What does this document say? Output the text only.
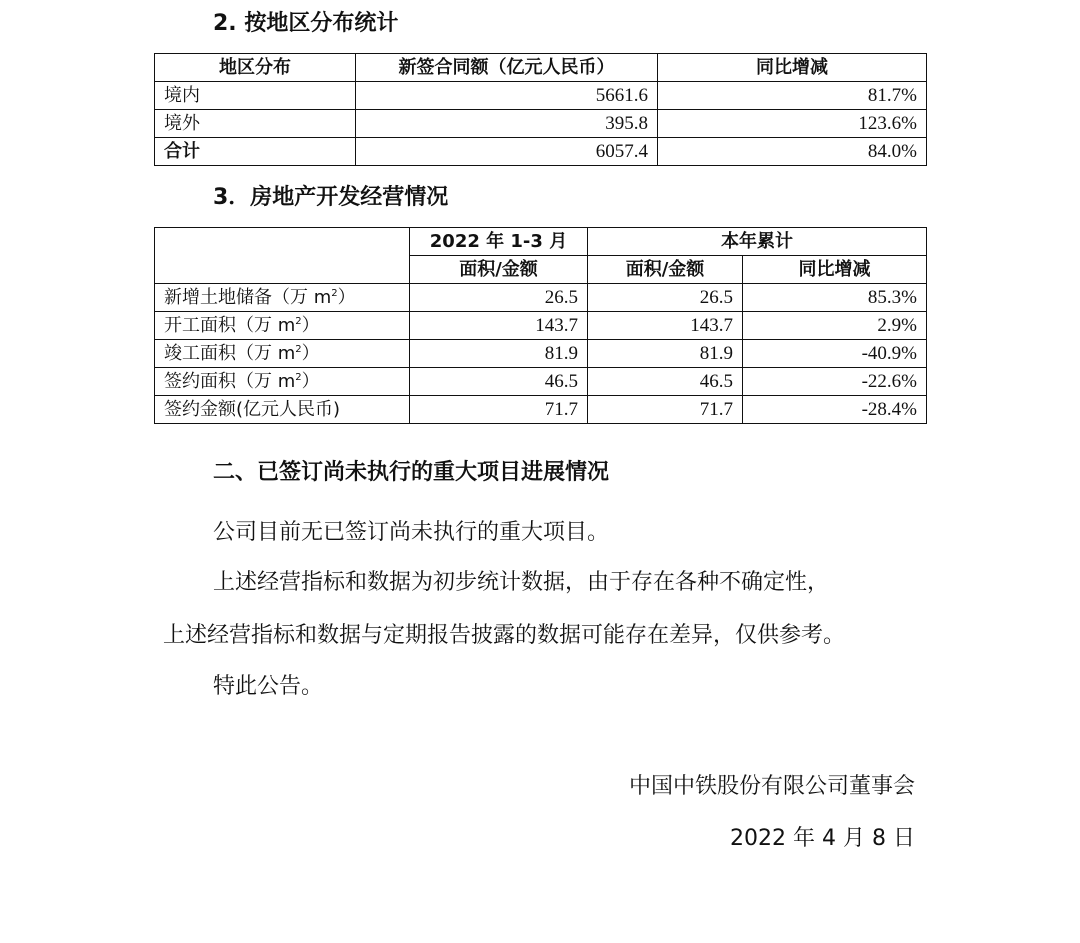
2. 按地区分布统计
地区分布	新签合同额（亿元人民币）	同比增减
境内	5661.6	81.7%
境外	395.8	123.6%
合计	6057.4	84.0%
3．房地产开发经营情况
	2022 年 1-3 月	本年累计	
	面积/金额	面积/金额	同比增减
新增土地储备（万 $m^2$）	26.5	26.5	85.3%
开工面积（万 $m^2$）	143.7	143.7	2.9%
竣工面积（万 $m^2$）	81.9	81.9	-40.9%
签约面积（万 $m^2$）	46.5	46.5	-22.6%
签约金额(亿元人民币)	71.7	71.7	-28.4%
二、已签订尚未执行的重大项目进展情况
公司目前无已签订尚未执行的重大项目。
上述经营指标和数据为初步统计数据，由于存在各种不确定性，
上述经营指标和数据与定期报告披露的数据可能存在差异，仅供参考。
特此公告。
中国中铁股份有限公司董事会
2022 年 4 月 8 日
